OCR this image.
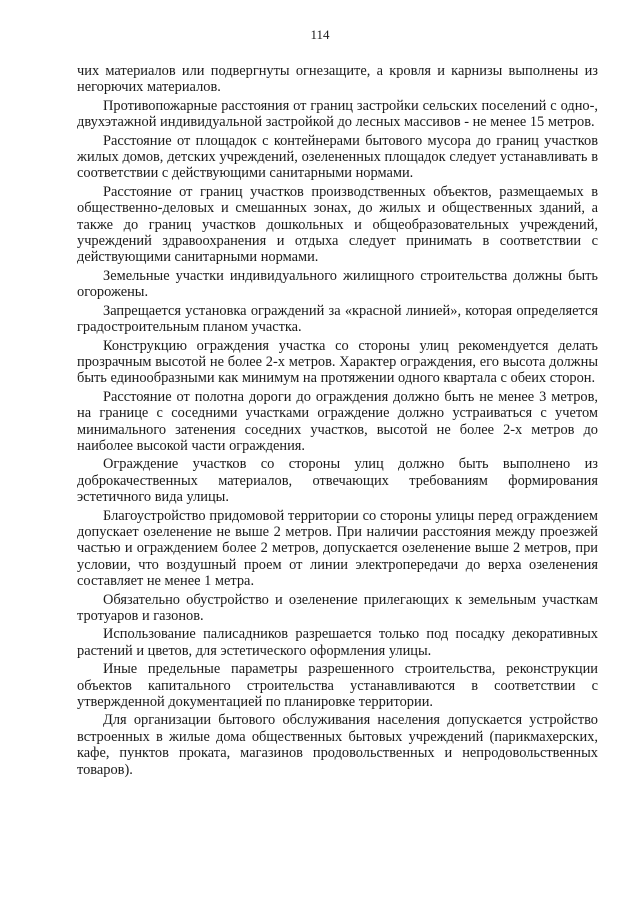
114

чих материалов или подвергнуты огнезащите, а кровля и карнизы выполнены из негорючих материалов.

Противопожарные расстояния от границ застройки сельских поселений с одно-, двухэтажной индивидуальной застройкой до лесных массивов - не менее 15 метров.

Расстояние от площадок с контейнерами бытового мусора до границ участков жилых домов, детских учреждений, озелененных площадок следует устанавливать в соответствии с действующими санитарными нормами.

Расстояние от границ участков производственных объектов, размещаемых в общественно-деловых и смешанных зонах, до жилых и общественных зданий, а также до границ участков дошкольных и общеобразовательных учреждений, учреждений здравоохранения и отдыха следует принимать в соответствии с действующими санитарными нормами.

Земельные участки индивидуального жилищного строительства должны быть огорожены.

Запрещается установка ограждений за «красной линией», которая определяется градостроительным планом участка.

Конструкцию ограждения участка со стороны улиц рекомендуется делать прозрачным высотой не более 2-х метров. Характер ограждения, его высота должны быть единообразными как минимум на протяжении одного квартала с обеих сторон.

Расстояние от полотна дороги до ограждения должно быть не менее 3 метров, на границе с соседними участками ограждение должно устраиваться с учетом минимального затенения соседних участков, высотой не более 2-х метров до наиболее высокой части ограждения.

Ограждение участков со стороны улиц должно быть выполнено из доброкачественных материалов, отвечающих требованиям формирования эстетичного вида улицы.

Благоустройство придомовой территории со стороны улицы перед ограждением допускает озеленение не выше 2 метров. При наличии расстояния между проезжей частью и ограждением более 2 метров, допускается озеленение выше 2 метров, при условии, что воздушный проем от линии электропередачи до верха озеленения составляет не менее 1 метра.

Обязательно обустройство и озеленение прилегающих к земельным участкам тротуаров и газонов.

Использование палисадников разрешается только под посадку декоративных растений и цветов, для эстетического оформления улицы.

Иные предельные параметры разрешенного строительства, реконструкции объектов капитального строительства устанавливаются в соответствии с утвержденной документацией по планировке территории.

Для организации бытового обслуживания населения допускается устройство встроенных в жилые дома общественных бытовых учреждений (парикмахерских, кафе, пунктов проката, магазинов продовольственных и непродовольственных товаров).
